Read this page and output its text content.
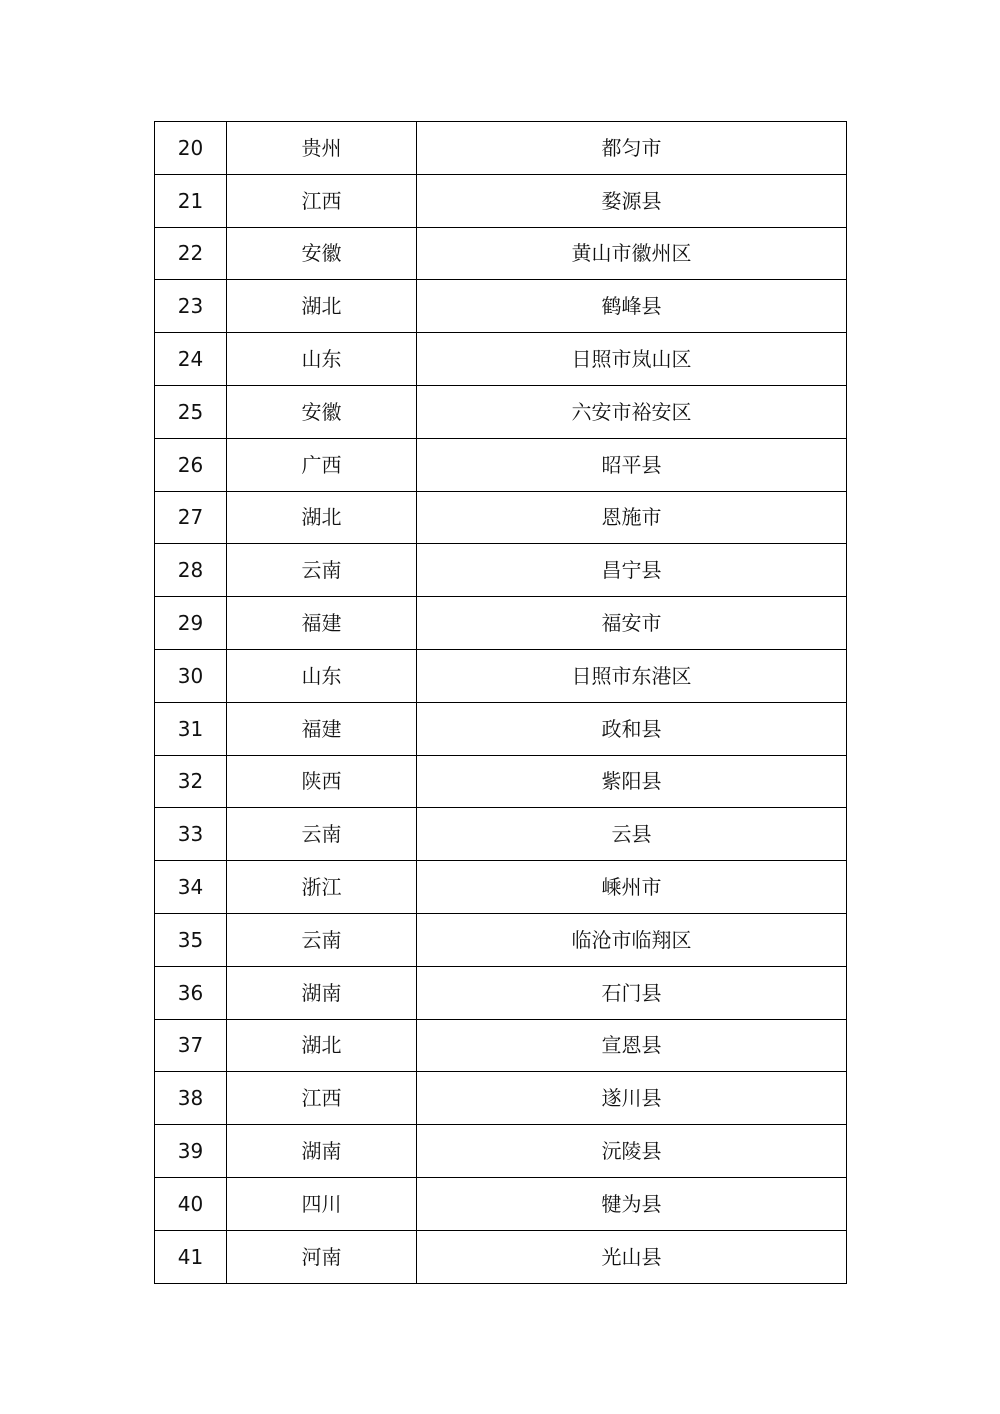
20	贵州	都匀市
21	江西	婺源县
22	安徽	黄山市徽州区
23	湖北	鹤峰县
24	山东	日照市岚山区
25	安徽	六安市裕安区
26	广西	昭平县
27	湖北	恩施市
28	云南	昌宁县
29	福建	福安市
30	山东	日照市东港区
31	福建	政和县
32	陕西	紫阳县
33	云南	云县
34	浙江	嵊州市
35	云南	临沧市临翔区
36	湖南	石门县
37	湖北	宣恩县
38	江西	遂川县
39	湖南	沅陵县
40	四川	犍为县
41	河南	光山县
